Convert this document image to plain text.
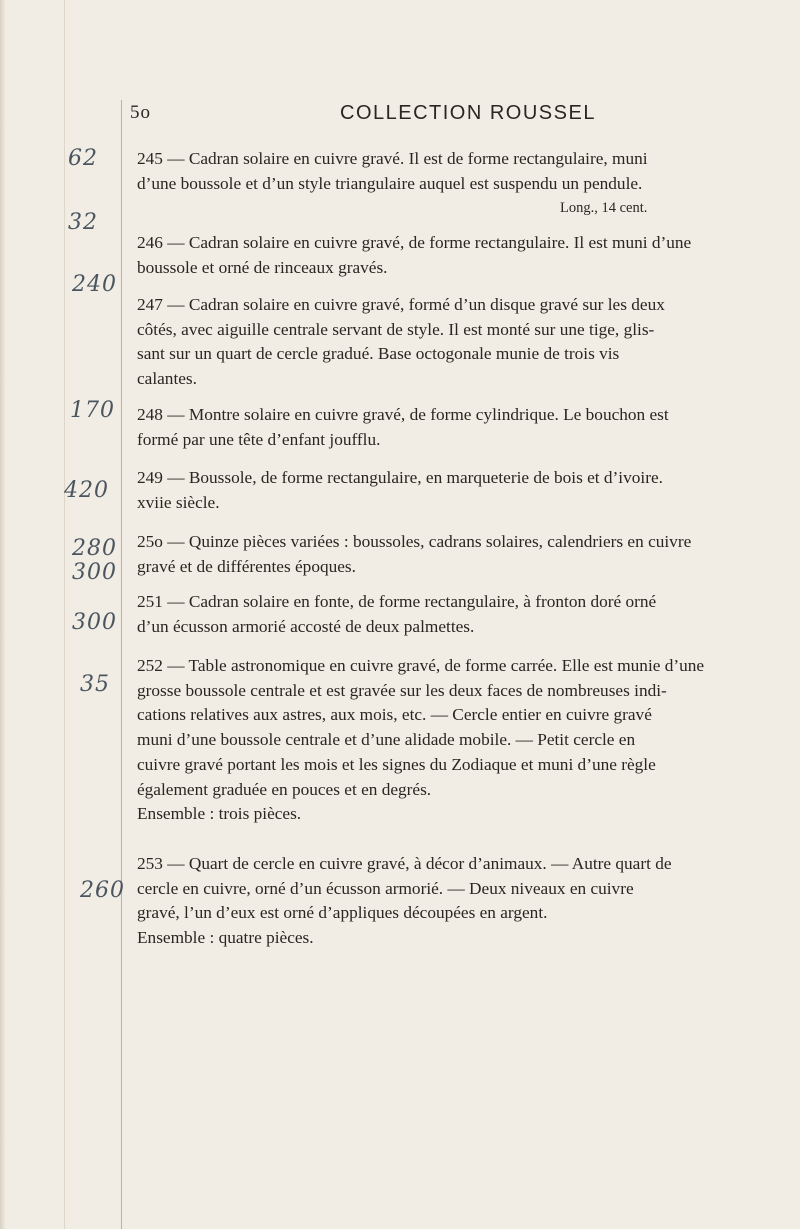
5o	COLLECTION ROUSSEL
62
32
240
170
420
280
300
300
35
260
245 — Cadran solaire en cuivre gravé. Il est de forme rectangulaire, muni
d’une boussole et d’un style triangulaire auquel est suspendu un pendule.
Long., 14 cent.
246 — Cadran solaire en cuivre gravé, de forme rectangulaire. Il est muni d’une
boussole et orné de rinceaux gravés.
247 — Cadran solaire en cuivre gravé, formé d’un disque gravé sur les deux
côtés, avec aiguille centrale servant de style. Il est monté sur une tige, glis-
sant sur un quart de cercle gradué. Base octogonale munie de trois vis
calantes.
248 — Montre solaire en cuivre gravé, de forme cylindrique. Le bouchon est
formé par une tête d’enfant joufflu.
249 — Boussole, de forme rectangulaire, en marqueterie de bois et d’ivoire.
xviie siècle.
25o — Quinze pièces variées : boussoles, cadrans solaires, calendriers en cuivre
gravé et de différentes époques.
251 — Cadran solaire en fonte, de forme rectangulaire, à fronton doré orné
d’un écusson armorié accosté de deux palmettes.
252 — Table astronomique en cuivre gravé, de forme carrée. Elle est munie d’une
grosse boussole centrale et est gravée sur les deux faces de nombreuses indi-
cations relatives aux astres, aux mois, etc. — Cercle entier en cuivre gravé
muni d’une boussole centrale et d’une alidade mobile. — Petit cercle en
cuivre gravé portant les mois et les signes du Zodiaque et muni d’une règle
également graduée en pouces et en degrés.
Ensemble : trois pièces.
253 — Quart de cercle en cuivre gravé, à décor d’animaux. — Autre quart de
cercle en cuivre, orné d’un écusson armorié. — Deux niveaux en cuivre
gravé, l’un d’eux est orné d’appliques découpées en argent.
Ensemble : quatre pièces.
